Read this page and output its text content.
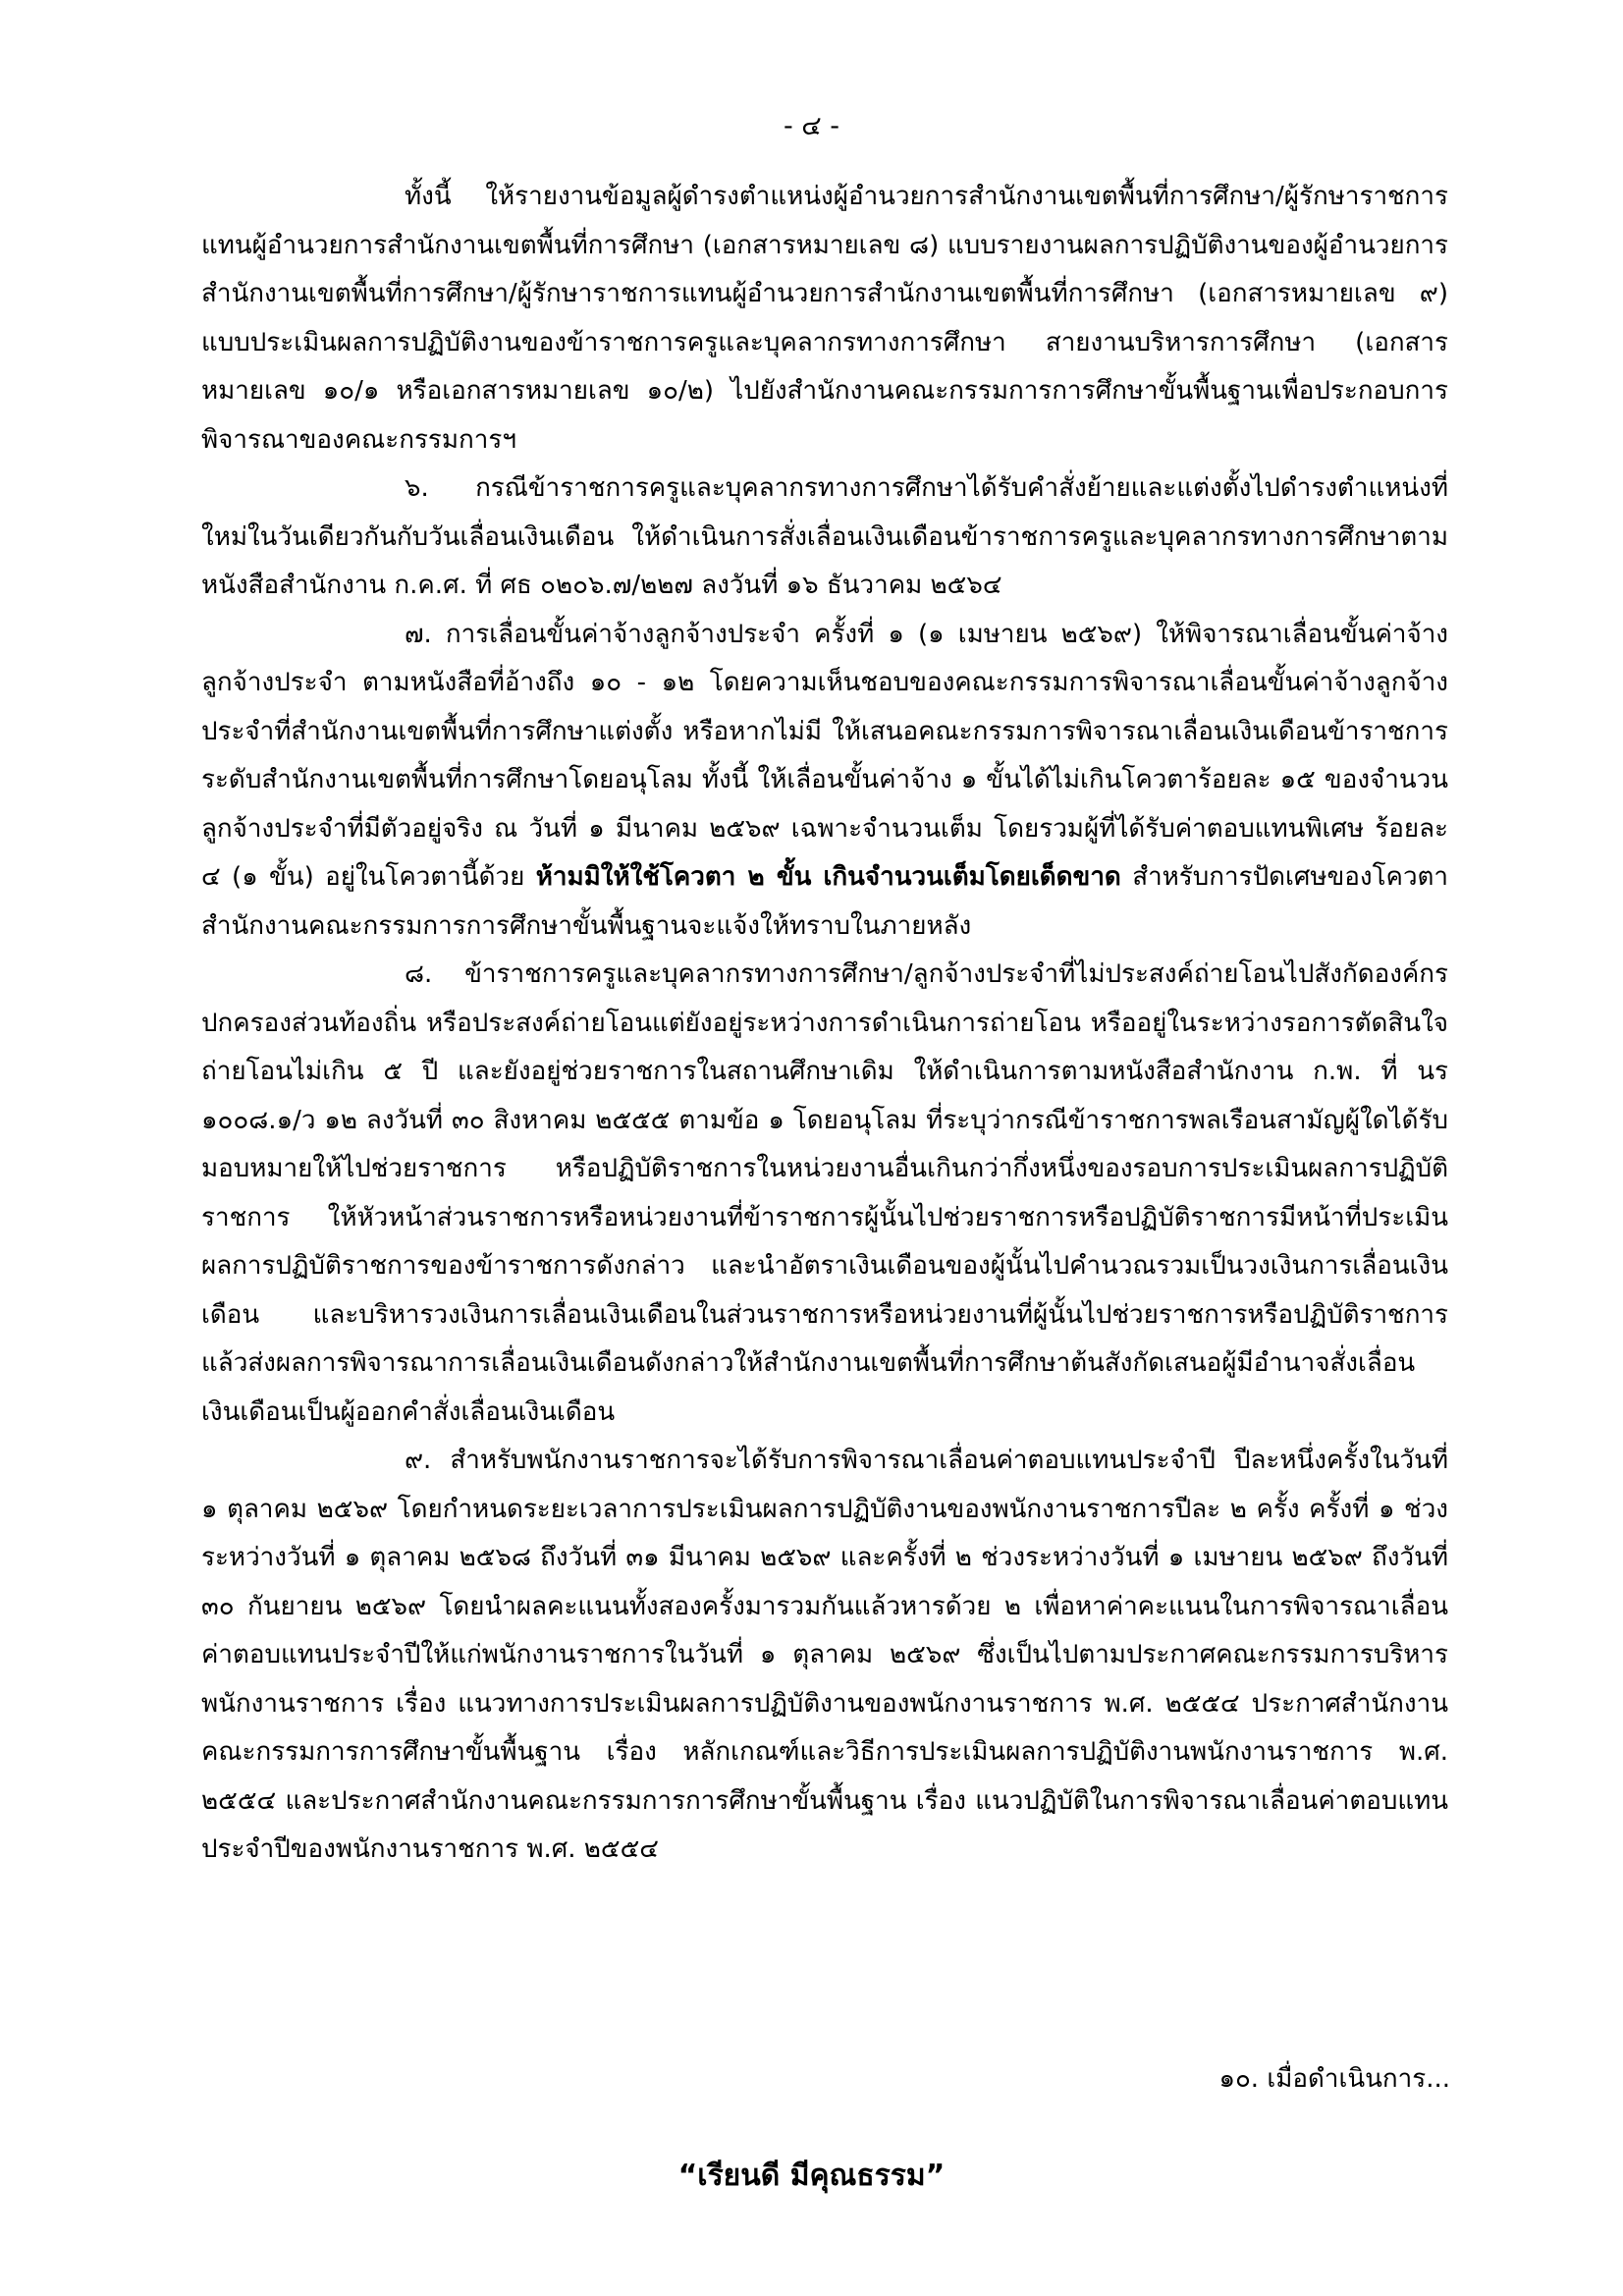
- ๔ -

ทั้งนี้ ให้รายงานข้อมูลผู้ดำรงตำแหน่งผู้อำนวยการสำนักงานเขตพื้นที่การศึกษา/ผู้รักษาราชการแทนผู้อำนวยการสำนักงานเขตพื้นที่การศึกษา (เอกสารหมายเลข ๘) แบบรายงานผลการปฏิบัติงานของผู้อำนวยการสำนักงานเขตพื้นที่การศึกษา/ผู้รักษาราชการแทนผู้อำนวยการสำนักงานเขตพื้นที่การศึกษา (เอกสารหมายเลข ๙) แบบประเมินผลการปฏิบัติงานของข้าราชการครูและบุคลากรทางการศึกษา สายงานบริหารการศึกษา (เอกสารหมายเลข ๑๐/๑ หรือเอกสารหมายเลข ๑๐/๒) ไปยังสำนักงานคณะกรรมการการศึกษาขั้นพื้นฐานเพื่อประกอบการพิจารณาของคณะกรรมการฯ

๖. กรณีข้าราชการครูและบุคลากรทางการศึกษาได้รับคำสั่งย้ายและแต่งตั้งไปดำรงตำแหน่งที่ใหม่ในวันเดียวกันกับวันเลื่อนเงินเดือน ให้ดำเนินการสั่งเลื่อนเงินเดือนข้าราชการครูและบุคลากรทางการศึกษาตามหนังสือสำนักงาน ก.ค.ศ. ที่ ศธ ๐๒๐๖.๗/๒๒๗ ลงวันที่ ๑๖ ธันวาคม ๒๕๖๔

๗. การเลื่อนขั้นค่าจ้างลูกจ้างประจำ ครั้งที่ ๑ (๑ เมษายน ๒๕๖๙) ให้พิจารณาเลื่อนขั้นค่าจ้างลูกจ้างประจำ ตามหนังสือที่อ้างถึง ๑๐ - ๑๒ โดยความเห็นชอบของคณะกรรมการพิจารณาเลื่อนขั้นค่าจ้างลูกจ้างประจำที่สำนักงานเขตพื้นที่การศึกษาแต่งตั้ง หรือหากไม่มี ให้เสนอคณะกรรมการพิจารณาเลื่อนเงินเดือนข้าราชการระดับสำนักงานเขตพื้นที่การศึกษาโดยอนุโลม ทั้งนี้ ให้เลื่อนขั้นค่าจ้าง ๑ ขั้นได้ไม่เกินโควตาร้อยละ ๑๕ ของจำนวนลูกจ้างประจำที่มีตัวอยู่จริง ณ วันที่ ๑ มีนาคม ๒๕๖๙ เฉพาะจำนวนเต็ม โดยรวมผู้ที่ได้รับค่าตอบแทนพิเศษ ร้อยละ ๔ (๑ ขั้น) อยู่ในโควตานี้ด้วย ห้ามมิให้ใช้โควตา ๒ ขั้น เกินจำนวนเต็มโดยเด็ดขาด สำหรับการปัดเศษของโควตา สำนักงานคณะกรรมการการศึกษาขั้นพื้นฐานจะแจ้งให้ทราบในภายหลัง

๘. ข้าราชการครูและบุคลากรทางการศึกษา/ลูกจ้างประจำที่ไม่ประสงค์ถ่ายโอนไปสังกัดองค์กรปกครองส่วนท้องถิ่น หรือประสงค์ถ่ายโอนแต่ยังอยู่ระหว่างการดำเนินการถ่ายโอน หรืออยู่ในระหว่างรอการตัดสินใจถ่ายโอนไม่เกิน ๕ ปี และยังอยู่ช่วยราชการในสถานศึกษาเดิม ให้ดำเนินการตามหนังสือสำนักงาน ก.พ. ที่ นร ๑๐๐๘.๑/ว ๑๒ ลงวันที่ ๓๐ สิงหาคม ๒๕๕๕ ตามข้อ ๑ โดยอนุโลม ที่ระบุว่ากรณีข้าราชการพลเรือนสามัญผู้ใดได้รับมอบหมายให้ไปช่วยราชการ หรือปฏิบัติราชการในหน่วยงานอื่นเกินกว่ากึ่งหนึ่งของรอบการประเมินผลการปฏิบัติราชการ ให้หัวหน้าส่วนราชการหรือหน่วยงานที่ข้าราชการผู้นั้นไปช่วยราชการหรือปฏิบัติราชการมีหน้าที่ประเมินผลการปฏิบัติราชการของข้าราชการดังกล่าว และนำอัตราเงินเดือนของผู้นั้นไปคำนวณรวมเป็นวงเงินการเลื่อนเงินเดือน และบริหารวงเงินการเลื่อนเงินเดือนในส่วนราชการหรือหน่วยงานที่ผู้นั้นไปช่วยราชการหรือปฏิบัติราชการ แล้วส่งผลการพิจารณาการเลื่อนเงินเดือนดังกล่าวให้สำนักงานเขตพื้นที่การศึกษาต้นสังกัดเสนอผู้มีอำนาจสั่งเลื่อนเงินเดือนเป็นผู้ออกคำสั่งเลื่อนเงินเดือน

๙. สำหรับพนักงานราชการจะได้รับการพิจารณาเลื่อนค่าตอบแทนประจำปี ปีละหนึ่งครั้งในวันที่ ๑ ตุลาคม ๒๕๖๙ โดยกำหนดระยะเวลาการประเมินผลการปฏิบัติงานของพนักงานราชการปีละ ๒ ครั้ง ครั้งที่ ๑ ช่วงระหว่างวันที่ ๑ ตุลาคม ๒๕๖๘ ถึงวันที่ ๓๑ มีนาคม ๒๕๖๙ และครั้งที่ ๒ ช่วงระหว่างวันที่ ๑ เมษายน ๒๕๖๙ ถึงวันที่ ๓๐ กันยายน ๒๕๖๙ โดยนำผลคะแนนทั้งสองครั้งมารวมกันแล้วหารด้วย ๒ เพื่อหาค่าคะแนนในการพิจารณาเลื่อนค่าตอบแทนประจำปีให้แก่พนักงานราชการในวันที่ ๑ ตุลาคม ๒๕๖๙ ซึ่งเป็นไปตามประกาศคณะกรรมการบริหารพนักงานราชการ เรื่อง แนวทางการประเมินผลการปฏิบัติงานของพนักงานราชการ พ.ศ. ๒๕๕๔ ประกาศสำนักงานคณะกรรมการการศึกษาขั้นพื้นฐาน เรื่อง หลักเกณฑ์และวิธีการประเมินผลการปฏิบัติงานพนักงานราชการ พ.ศ. ๒๕๕๔ และประกาศสำนักงานคณะกรรมการการศึกษาขั้นพื้นฐาน เรื่อง แนวปฏิบัติในการพิจารณาเลื่อนค่าตอบแทนประจำปีของพนักงานราชการ พ.ศ. ๒๕๕๔

๑๐. เมื่อดำเนินการ...
“เรียนดี มีคุณธรรม”
